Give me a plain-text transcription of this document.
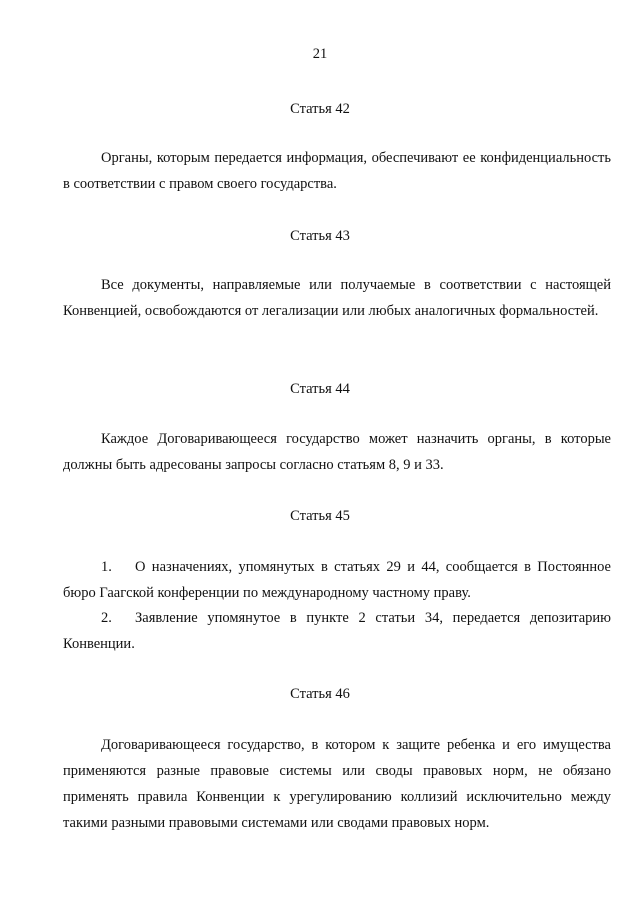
21
Статья 42

Органы, которым передается информация, обеспечивают ее конфиденциальность в соответствии с правом своего государства.

Статья 43

Все документы, направляемые или получаемые в соответствии с настоящей Конвенцией, освобождаются от легализации или любых аналогичных формальностей.

Статья 44

Каждое Договаривающееся государство может назначить органы, в которые должны быть адресованы запросы согласно статьям 8, 9 и 33.

Статья 45

1. О назначениях, упомянутых в статьях 29 и 44, сообщается в Постоянное бюро Гаагской конференции по международному частному праву.

2. Заявление упомянутое в пункте 2 статьи 34, передается депозитарию Конвенции.

Статья 46

Договаривающееся государство, в котором к защите ребенка и его имущества применяются разные правовые системы или своды правовых норм, не обязано применять правила Конвенции к урегулированию коллизий исключительно между такими разными правовыми системами или сводами правовых норм.
